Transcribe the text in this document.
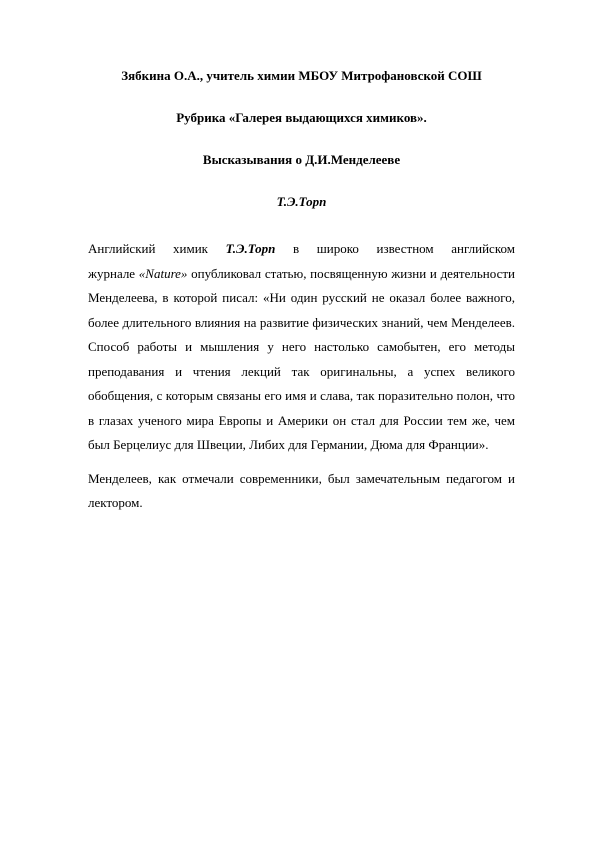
Зябкина О.А., учитель химии МБОУ Митрофановской СОШ

Рубрика «Галерея выдающихся химиков».

Высказывания о Д.И.Менделееве

Т.Э.Торп

Английский химик Т.Э.Торп в широко известном английском
журнале «Nature» опубликовал статью, посвященную жизни и деятельности Менделеева, в которой писал: «Ни один русский не оказал более важного, более длительного влияния на развитие физических знаний, чем Менделеев. Способ работы и мышления у него настолько самобытен, его методы преподавания и чтения лекций так оригинальны, а успех великого обобщения, с которым связаны его имя и слава, так поразительно полон, что в глазах ученого мира Европы и Америки он стал для России тем же, чем был Берцелиус для Швеции, Либих для Германии, Дюма для Франции».

Менделеев, как отмечали современники, был замечательным педагогом и лектором.
